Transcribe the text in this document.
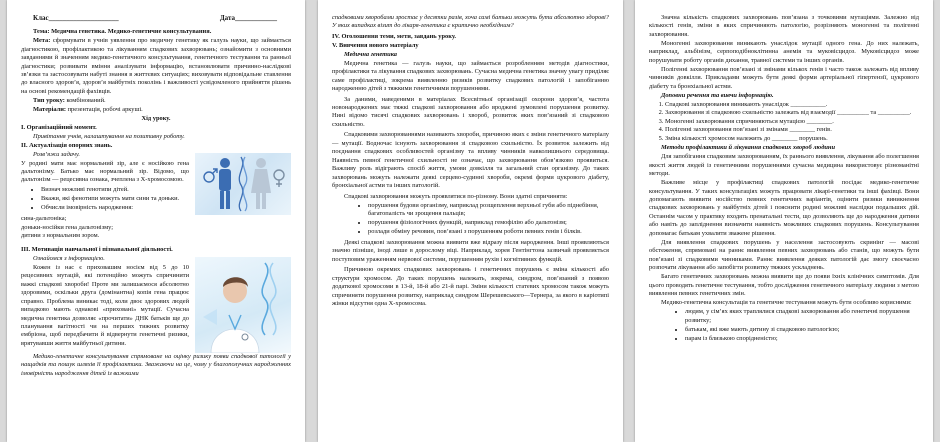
Клас____________________	Дата____________

Тема: Медична генетика. Медико-генетичне консультування.

Мета: сформувати в учнів уявлення про медичну генетику як галузь науки, що займається діагностикою, профілактикою та лікуванням спадкових захворювань; ознайомити з основними завданнями й значенням медико-генетичного консультування, генетичного тестування та ранньої діагностики; розвивати вміння аналізувати інформацію, встановлювати причинно-наслідкові зв’язки та застосовувати набуті знання в життєвих ситуаціях; виховувати відповідальне ставлення до власного здоров’я, здоров’я майбутніх поколінь і важливості усвідомленого прийняття рішень на основі рекомендацій фахівців.

Тип уроку: комбінований.

Матеріали: презентація, робочі аркуші.

Хід уроку.

I. Організаційний момент.

Привітання учнів, налаштування на позитивну роботу.

II. Актуалізація опорних знань.

Розв’яжи задачу.

У родині мати має нормальний зір, але є носійкою гена дальтонізму. Батько має нормальний зір. Відомо, що дальтонізм — рецесивна ознака, зчеплена з Х-хромосомою.

• Визнач можливі генотипи дітей.
• Вкажи, які фенотипи можуть мати сини та доньки.
• Обчисли імовірність народження:

сина-дальтоніка;

доньки-носійки гена дальтонізму;

дитини з нормальним зором.

III. Мотивація навчальної і пізнавальної діяльності.

Ознайомся з інформацією.

Кожен із нас є приховашим носієм від 5 до 10 рецесивних мутацій, які потенційно можуть спричинити важкі спадкові хвороби! Проте ми залишаємося абсолютно здоровими, оскільки друга (домінантна) копія гена працює справно. Проблема виникає тоді, коли двоє здорових людей випадково мають однакові «приховані» мутації. Сучасна медична генетика дозволяє «прочитати» ДНК батьків ще до планування вагітності чи на перших тижнях розвитку ембріона, щоб передбачити й відвернути генетичні ризики, врятувавши життя майбутньої дитини.

Медико-генетичне консультування спрямоване на оцінку ризику появи спадкової патології у нащадків та пошук шляхів її профілактики. Зважаючи на це, чому у благополучних народженнях імовірність народження дітей із важкими

спадковими хворобами зростає у десятки разів, хоча самі батьки можуть бути абсолютно здорові? У яких випадках візит до лікаря-генетика є критично необхідним?

IV. Оголошення теми, мети, завдань уроку.

V. Вивчення нового матеріалу

Медична генетика

Медична генетика — галузь науки, що займається розробленням методів діагностики, профілактики та лікування спадкових захворювань. Сучасна медична генетика значну увагу приділяє саме профілактиці, зокрема виявленню ризиків розвитку спадкових патологій і запобіганню народженню дітей з тяжкими генетичними порушеннями.

За даними, наведеними в матеріалах Всесвітньої організації охорони здоров’я, частота новонароджених має тяжкі спадкові захворювання або вроджені зумовлені порушення розвитку. Нині відомо тисячі спадкових захворювань і хвороб, розвиток яких пов’язаний зі спадковою схильністю.

Спадковими захворюваннями називають хвороби, причиною яких є зміни генетичного матеріалу — мутації. Водночас існують захворювання зі спадковою схильністю. Їх розвиток залежить від поєднання спадкових особливостей організму та впливу чинників навколишнього середовища. Наявність певної генетичної схильності не означає, що захворювання обов’язково проявиться. Важливу роль відіграють спосіб життя, умови довкілля та загальний стан організму. До таких захворювань можуть належати деякі серцево-судинні хвороби, окремі форми цукрового діабету, бронхіальної астми та інших патологій.

Спадкові захворювання можуть проявлятися по-різному. Вони здатні спричиняти:

• порушення будови організму, наприклад розщеплення верхньої губи або піднебіння, багатопалість чи зрощення пальців;
• порушення фізіологічних функцій, наприклад гемофілію або дальтонізм;
• розлади обміну речовин, пов’язані з порушенням роботи певних генів і білків.

Деякі спадкові захворювання можна виявити вже відразу після народження. Інші проявляються значно пізніше, іноді лише в дорослому віці. Наприклад, хорея Гентінгтона зазвичай проявляється поступовим ураженням нервової системи, порушенням рухів і когнітивних функцій.

Причиною окремих спадкових захворювань і генетичних порушень є зміна кількості або структури хромосом. До таких порушень належать, зокрема, синдром, пов’язаний з появою додаткової хромосоми в 13-й, 18-й або 21-й парі. Зміни кількості статевих хромосом також можуть спричиняти порушення розвитку, наприклад синдром Шерешевського—Тернера, за якого в каріотипі жінки відсутня одна Х-хромосома.

Значна кількість спадкових захворювань пов’язана з точковими мутаціями. Залежно від кількості генів, зміни в яких спричиняють патологію, розрізняють моногенні та полігенні захворювання.

Моногенні захворювання виникають унаслідок мутації одного гена. До них належать, наприклад, альбінізм, серпоподібноклітинна анемія та муковісцидоз. Муковісцидоз може порушувати роботу органів дихання, травної системи та інших органів.

Полігенні захворювання пов’язані зі змінами кількох генів і часто також залежать від впливу чинників довкілля. Прикладами можуть бути деякі форми артеріальної гіпертензії, цукрового діабету та бронхіальної астми.

Доповни речення та вивчи інформацію.

1. Спадкові захворювання виникають унаслідок ___________.
2. Захворювання зі спадковою схильністю залежать від взаємодії __________ та __________.
3. Моногенні захворювання спричиняються мутацією ________.
4. Полігенні захворювання пов’язані зі змінами ________ генів.
5. Зміна кількості хромосом належить до ________ порушень.

Методи профілактики й лікування спадкових хвороб людини

Для запобігання спадковим захворюванням, їх раннього виявлення, лікування або полегшення якості життя людей із генетичними порушеннями сучасна медицина використовує різноманітні методи.

Важливе місце у профілактиці спадкових патологій посідає медико-генетичне консультування. У таких консультаціях можуть працювати лікарі-генетики та інші фахівці. Вони допомагають виявити носійство певних генетичних варіантів, оцінити ризики виникнення спадкових захворювань у майбутніх дітей і пояснити родині можливі наслідки подальших дій. Останнім часом у практику входять пренатальні тести, що дозволяють ще до народження дитини або навіть до запліднення визначити наявність можливих спадкових порушень. Консультування допомагає батькам ухвалити зважене рішення.

Для виявлення спадкових порушень у населення застосовують скринінг — масові обстеження, спрямовані на раннє виявлення певних захворювань або станів, що можуть бути пов’язані зі спадковими чинниками. Раннє виявлення деяких патологій дає змогу своєчасно розпочати лікування або запобігти розвитку тяжких ускладнень.

Багато генетичних захворювань можна виявити ще до появи їхніх клінічних симптомів. Для цього проводять генетичне тестування, тобто дослідження генетичного матеріалу людини з метою виявлення певних генетичних змін.

Медико-генетична консультація та генетичне тестування можуть бути особливо корисними:

• людям, у сім’ях яких траплялися спадкові захворювання або генетичні порушення розвитку;
• батькам, які вже мають дитину зі спадковою патологією;
• парам із близькою спорідненістю;
